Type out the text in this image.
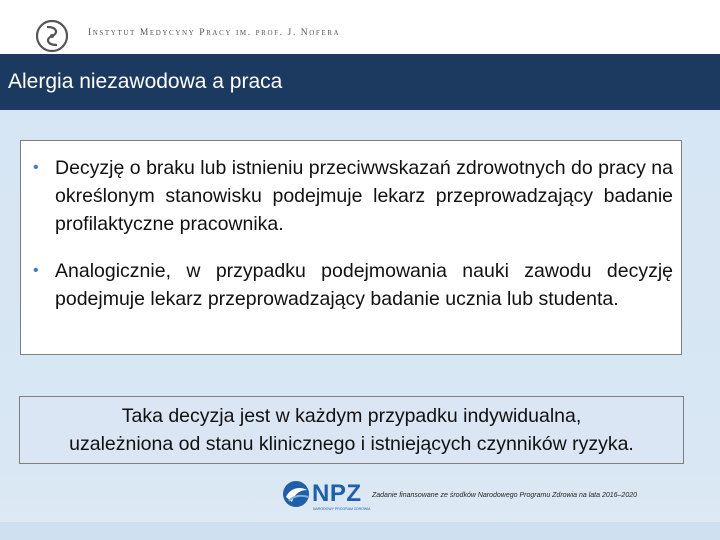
Instytut Medycyny Pracy im. prof. J. Nofera
Alergia niezawodowa a praca
• Decyzję o braku lub istnieniu przeciwwskazań zdrowotnych do pracy na określonym stanowisku podejmuje lekarz przeprowadzający badanie profilaktyczne pracownika.
• Analogicznie, w przypadku podejmowania nauki zawodu decyzję podejmuje lekarz przeprowadzający badanie ucznia lub studenta.
Taka decyzja jest w każdym przypadku indywidualna,
uzależniona od stanu klinicznego i istniejących czynników ryzyka.
NPZ
NARODOWY PROGRAM ZDROWIA
Zadanie finansowane ze środków Narodowego Programu Zdrowia na lata 2016–2020
